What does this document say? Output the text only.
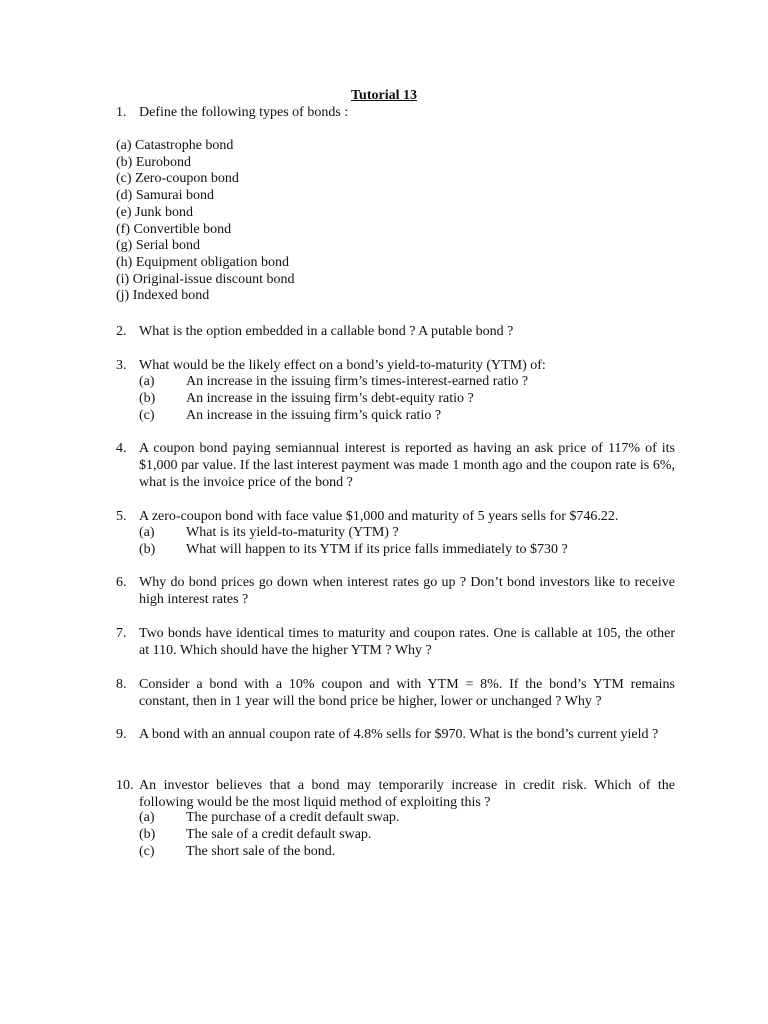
Tutorial 13
1. Define the following types of bonds :
(a) Catastrophe bond
(b) Eurobond
(c) Zero-coupon bond
(d) Samurai bond
(e) Junk bond
(f) Convertible bond
(g) Serial bond
(h) Equipment obligation bond
(i) Original-issue discount bond
(j) Indexed bond
2. What is the option embedded in a callable bond ? A putable bond ?
3. What would be the likely effect on a bond’s yield-to-maturity (YTM) of:
(a) An increase in the issuing firm’s times-interest-earned ratio ?
(b) An increase in the issuing firm’s debt-equity ratio ?
(c) An increase in the issuing firm’s quick ratio ?
4. A coupon bond paying semiannual interest is reported as having an ask price of 117% of its $1,000 par value. If the last interest payment was made 1 month ago and the coupon rate is 6%, what is the invoice price of the bond ?
5. A zero-coupon bond with face value $1,000 and maturity of 5 years sells for $746.22.
(a) What is its yield-to-maturity (YTM) ?
(b) What will happen to its YTM if its price falls immediately to $730 ?
6. Why do bond prices go down when interest rates go up ? Don’t bond investors like to receive high interest rates ?
7. Two bonds have identical times to maturity and coupon rates. One is callable at 105, the other at 110. Which should have the higher YTM ? Why ?
8. Consider a bond with a 10% coupon and with YTM = 8%. If the bond’s YTM remains constant, then in 1 year will the bond price be higher, lower or unchanged ? Why ?
9. A bond with an annual coupon rate of 4.8% sells for $970. What is the bond’s current yield ?
10. An investor believes that a bond may temporarily increase in credit risk. Which of the following would be the most liquid method of exploiting this ?
(a) The purchase of a credit default swap.
(b) The sale of a credit default swap.
(c) The short sale of the bond.
